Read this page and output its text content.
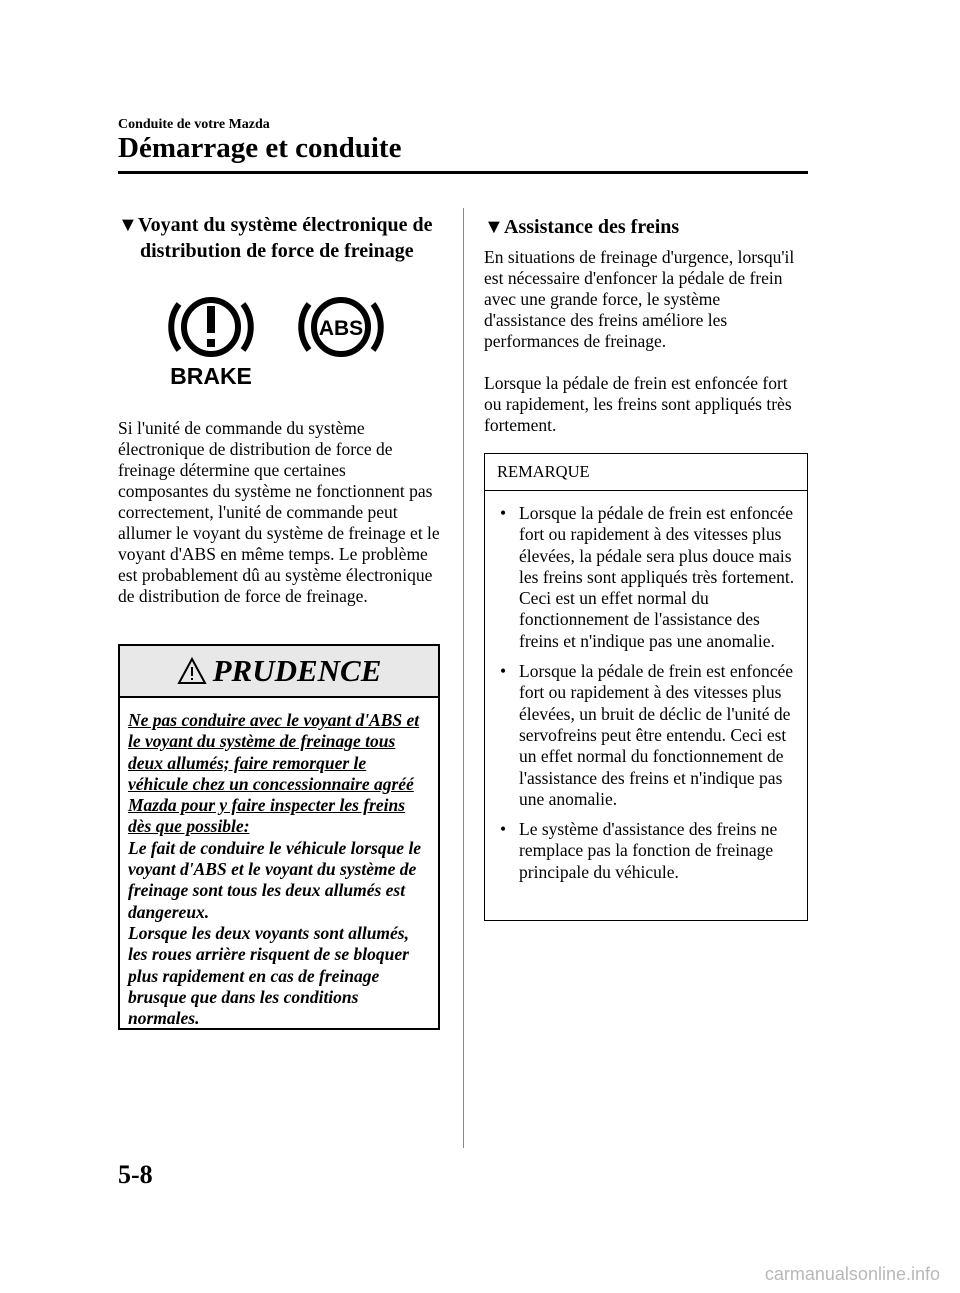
Conduite de votre Mazda
Démarrage et conduite
▼Voyant du système électronique de
distribution de force de freinage
BRAKE
ABS
Si l'unité de commande du système électronique de distribution de force de freinage détermine que certaines composantes du système ne fonctionnent pas correctement, l'unité de commande peut allumer le voyant du système de freinage et le voyant d'ABS en même temps. Le problème est probablement dû au système électronique de distribution de force de freinage.
PRUDENCE
Ne pas conduire avec le voyant d'ABS et le voyant du système de freinage tous deux allumés; faire remorquer le véhicule chez un concessionnaire agréé Mazda pour y faire inspecter les freins dès que possible:
Le fait de conduire le véhicule lorsque le voyant d'ABS et le voyant du système de freinage sont tous les deux allumés est dangereux.
Lorsque les deux voyants sont allumés, les roues arrière risquent de se bloquer plus rapidement en cas de freinage brusque que dans les conditions normales.
▼Assistance des freins

En situations de freinage d'urgence, lorsqu'il est nécessaire d'enfoncer la pédale de frein avec une grande force, le système d'assistance des freins améliore les performances de freinage.

Lorsque la pédale de frein est enfoncée fort ou rapidement, les freins sont appliqués très fortement.

REMARQUE
• Lorsque la pédale de frein est enfoncée fort ou rapidement à des vitesses plus élevées, la pédale sera plus douce mais les freins sont appliqués très fortement. Ceci est un effet normal du fonctionnement de l'assistance des freins et n'indique pas une anomalie.
• Lorsque la pédale de frein est enfoncée fort ou rapidement à des vitesses plus élevées, un bruit de déclic de l'unité de servofreins peut être entendu. Ceci est un effet normal du fonctionnement de l'assistance des freins et n'indique pas une anomalie.
• Le système d'assistance des freins ne remplace pas la fonction de freinage principale du véhicule.
5-8
carmanualsonline.info
